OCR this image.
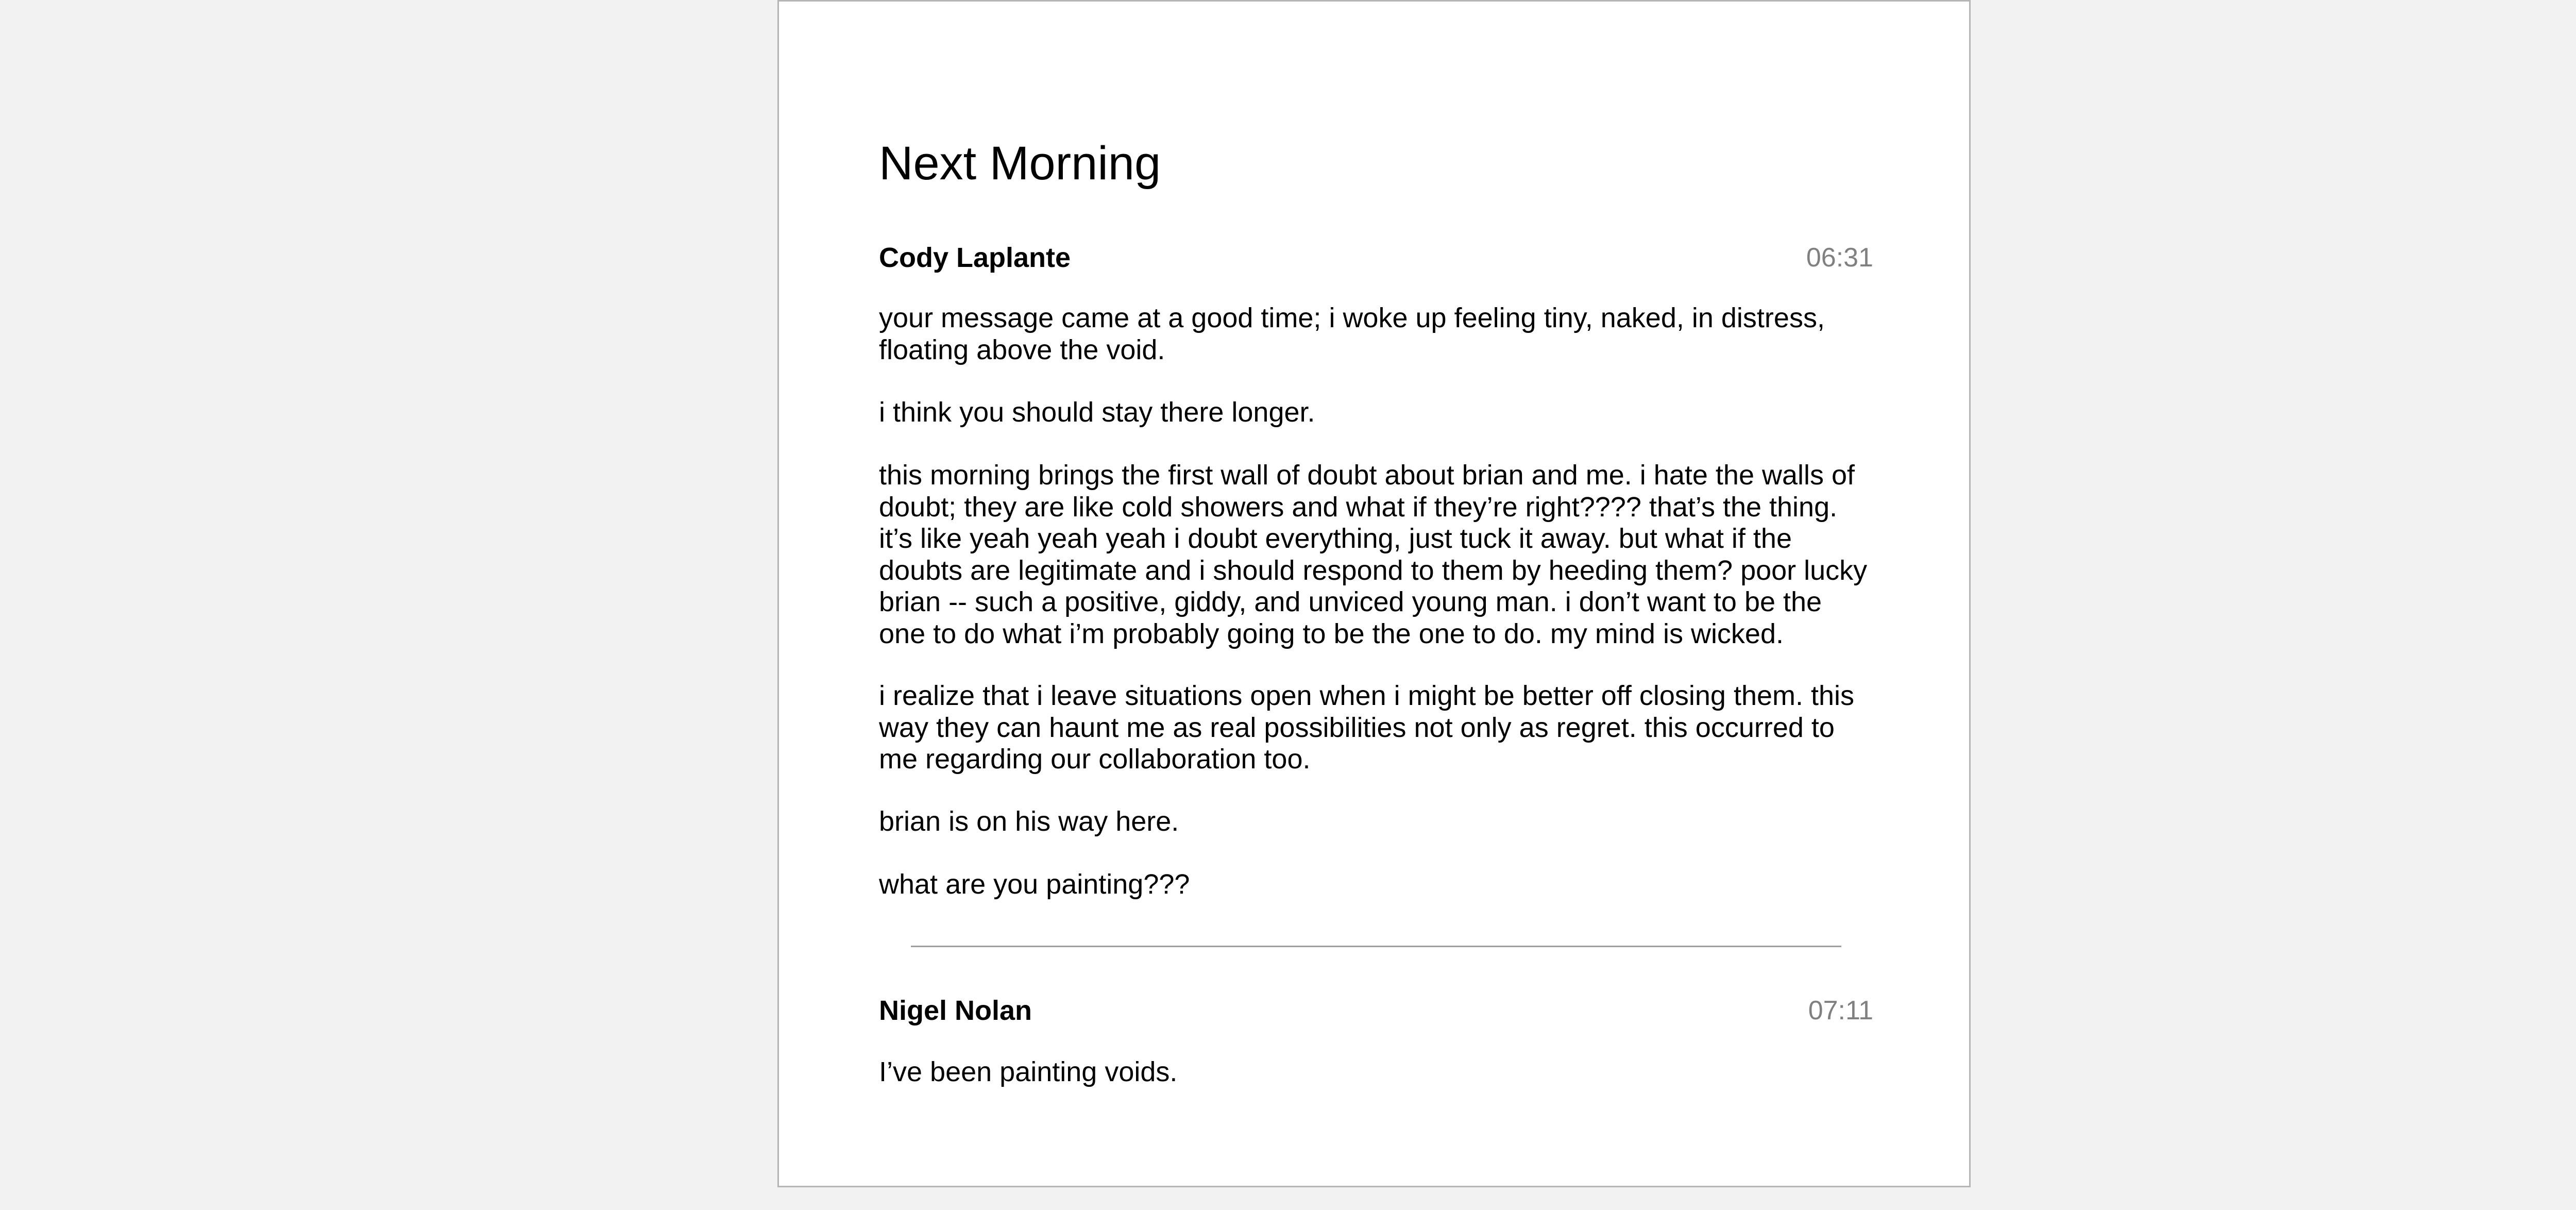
Next Morning
Cody Laplante	06:31

your message came at a good time; i woke up feeling tiny, naked, in distress, floating above the void.

i think you should stay there longer.

this morning brings the first wall of doubt about brian and me. i hate the walls of doubt; they are like cold showers and what if they’re right???? that’s the thing. it’s like yeah yeah yeah i doubt everything, just tuck it away. but what if the doubts are legitimate and i should respond to them by heeding them? poor lucky brian -- such a positive, giddy, and unviced young man. i don’t want to be the one to do what i’m probably going to be the one to do. my mind is wicked.

i realize that i leave situations open when i might be better off closing them. this way they can haunt me as real possibilities not only as regret. this occurred to me regarding our collaboration too.

brian is on his way here.

what are you painting???

Nigel Nolan	07:11

I’ve been painting voids.
